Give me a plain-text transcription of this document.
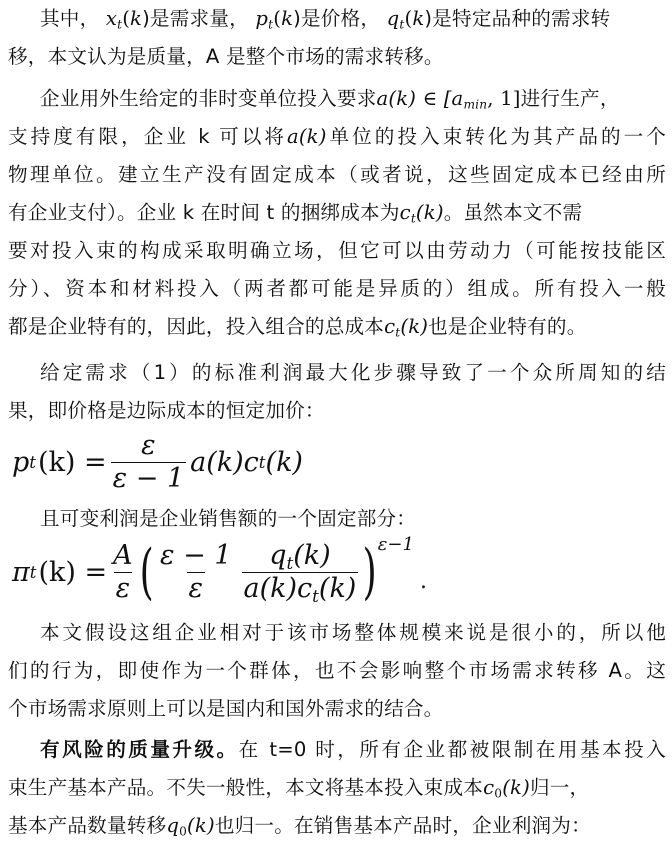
其中， $x_t(k)$是需求量， $p_t(k)$是价格， $q_t(k)$是特定品种的需求转
移，本文认为是质量，A 是整个市场的需求转移。
企业用外生给定的非时变单位投入要求a(k) ∈ [$a_{min}$, 1]进行生产，
支持度有限，企业 k 可以将a(k)单位的投入束转化为其产品的一个
物理单位。建立生产没有固定成本（或者说，这些固定成本已经由所
有企业支付）。企业 k 在时间 t 的捆绑成本为$c_t(k)$。虽然本文不需
要对投入束的构成采取明确立场，但它可以由劳动力（可能按技能区
分）、资本和材料投入（两者都可能是异质的）组成。所有投入一般
都是企业特有的，因此，投入组合的总成本$c_t(k)$也是企业特有的。
给定需求（1）的标准利润最大化步骤导致了一个众所周知的结
果，即价格是边际成本的恒定加价：
p t $(k) = \frac{\varepsilon}{\varepsilon - 1} a(k)c$ t (k)
且可变利润是企业销售额的一个固定部分：
π t $(k) = \frac{A}{\varepsilon}$ ( $\frac{\varepsilon - 1}{\varepsilon} \frac{q_t(k)}{a(k)c_t(k)}$ ) ε−1
.
本文假设这组企业相对于该市场整体规模来说是很小的，所以他
们的行为，即使作为一个群体，也不会影响整个市场需求转移 A。这
个市场需求原则上可以是国内和国外需求的结合。
有风险的质量升级。在 t=0 时，所有企业都被限制在用基本投入
束生产基本产品。不失一般性，本文将基本投入束成本$c_0(k)$归一，
基本产品数量转移$q_0(k)$也归一。在销售基本产品时，企业利润为：
